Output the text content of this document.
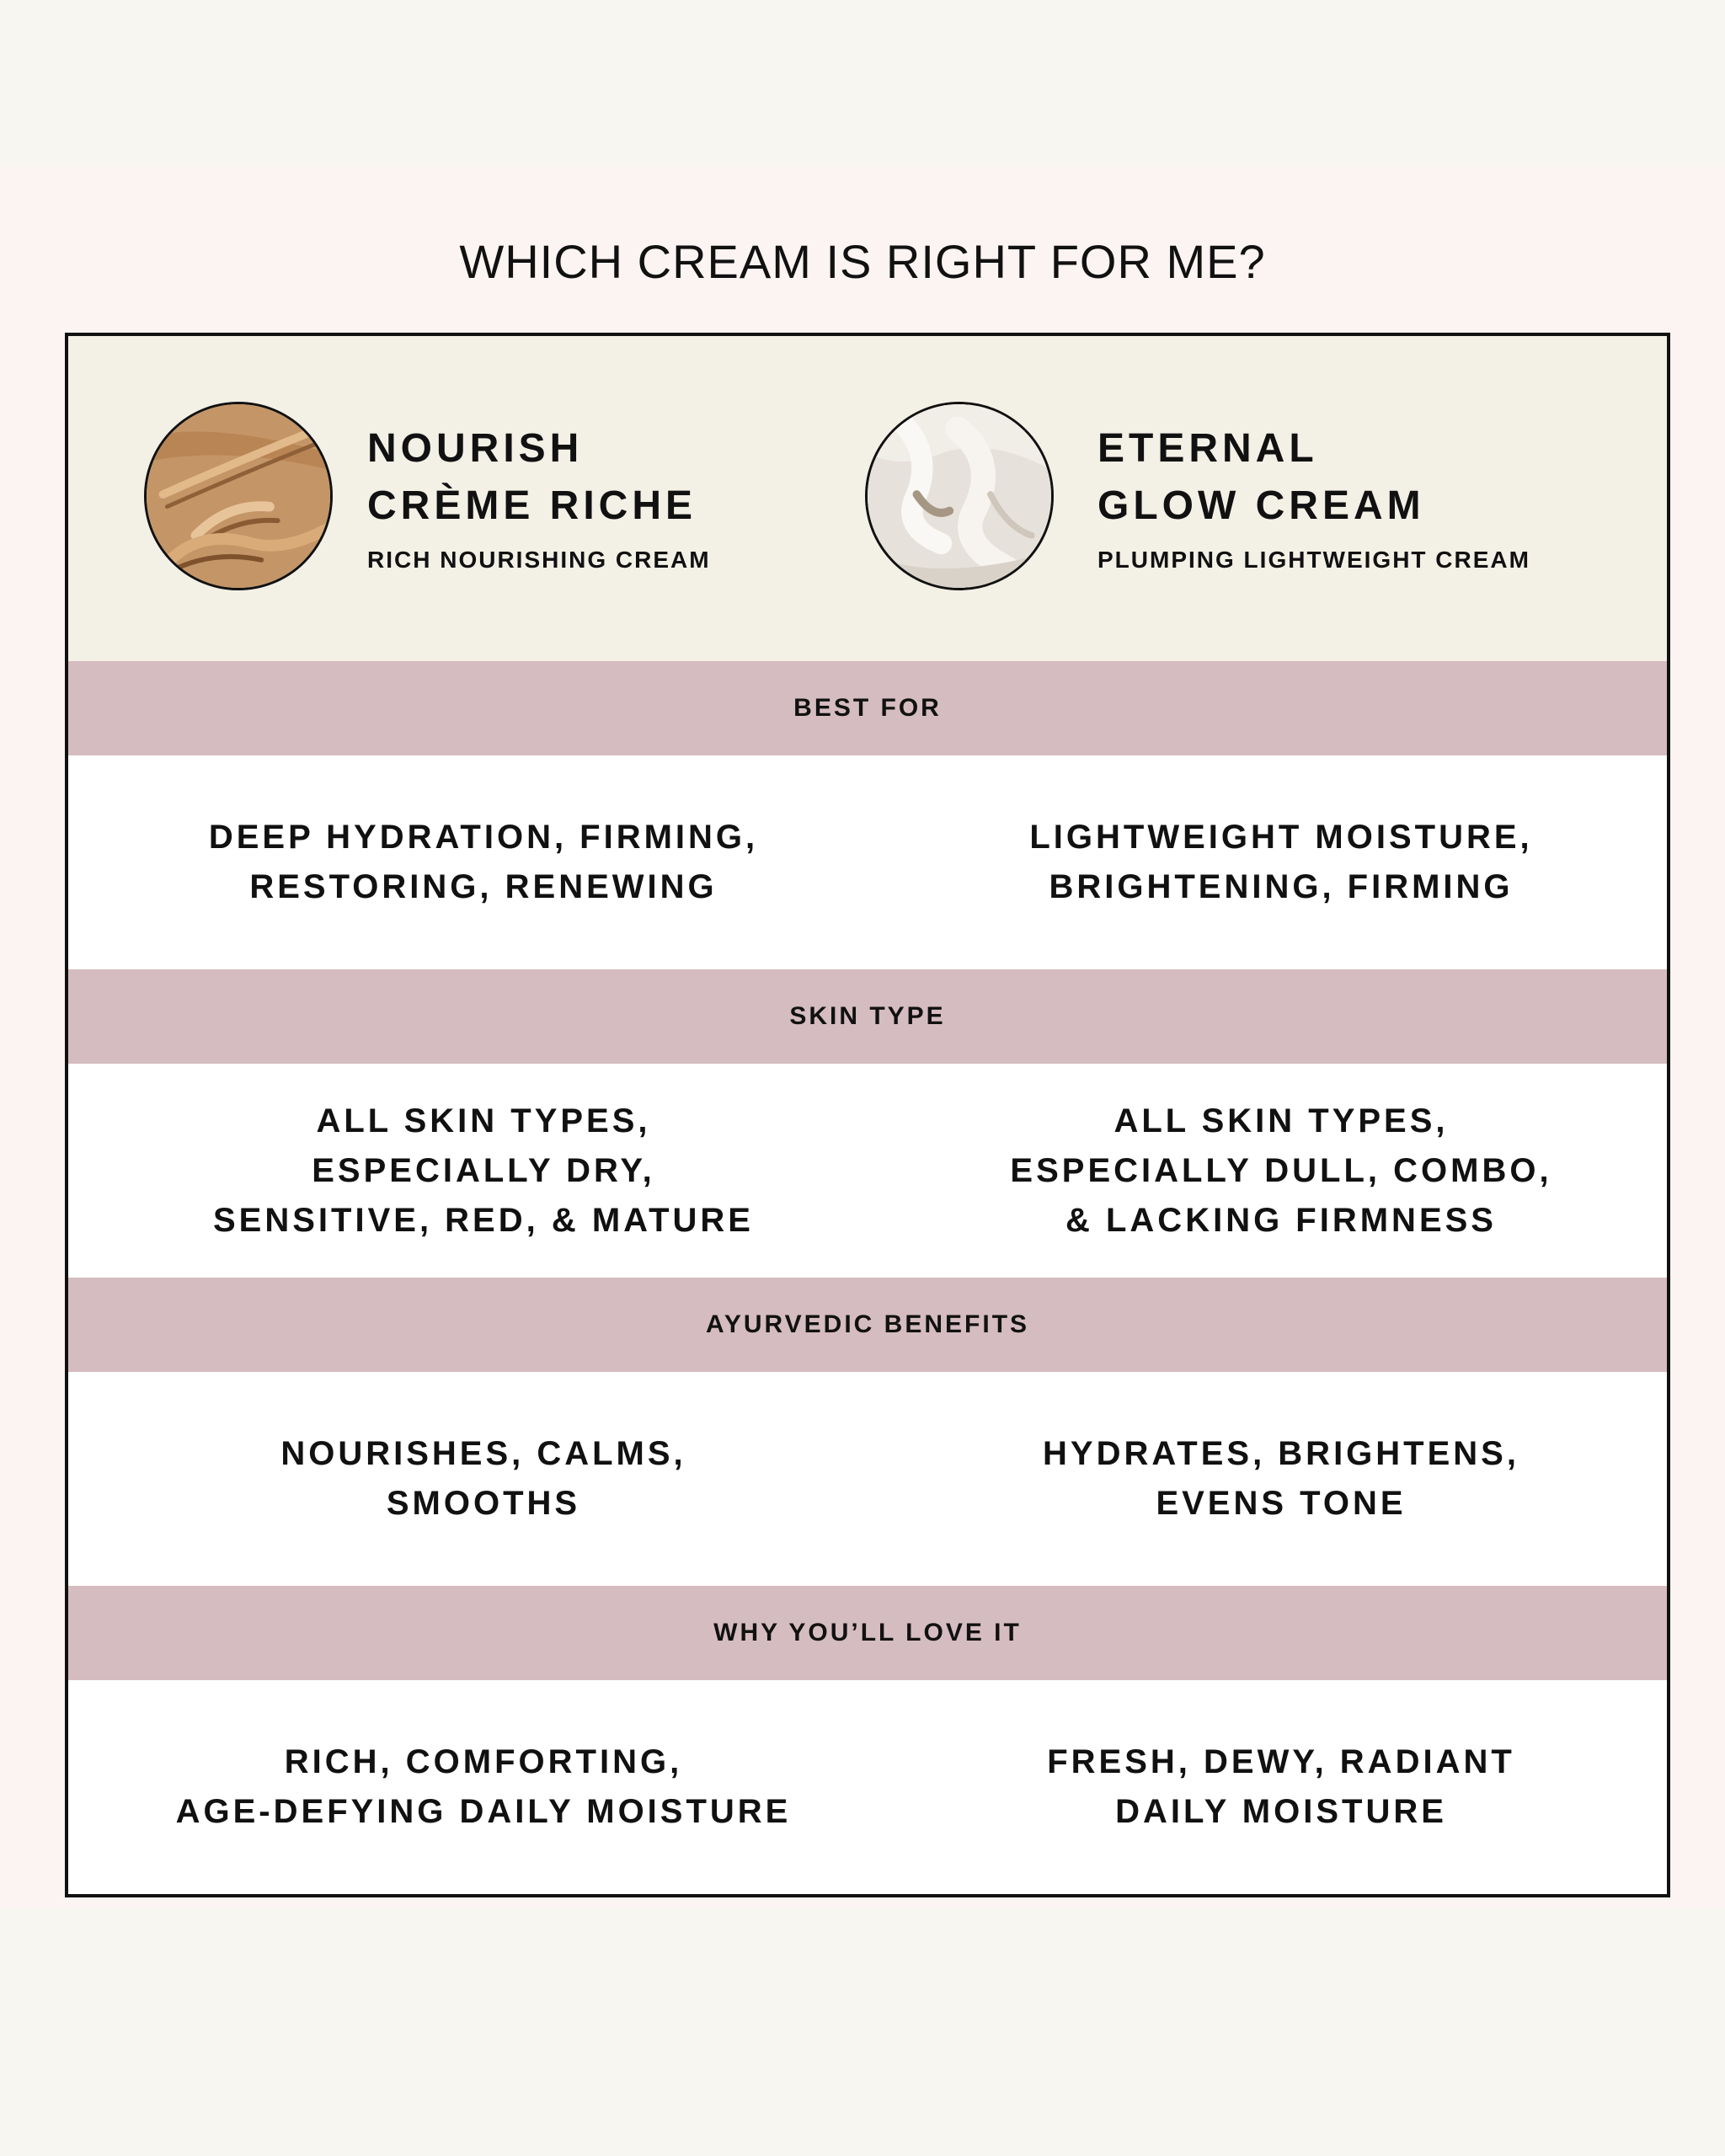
WHICH CREAM IS RIGHT FOR ME?
NOURISH
CRÈME RICHE
RICH NOURISHING CREAM
ETERNAL
GLOW CREAM
PLUMPING LIGHTWEIGHT CREAM
BEST FOR
DEEP HYDRATION, FIRMING,
RESTORING, RENEWING
LIGHTWEIGHT MOISTURE,
BRIGHTENING, FIRMING
SKIN TYPE
ALL SKIN TYPES,
ESPECIALLY DRY,
SENSITIVE, RED, & MATURE
ALL SKIN TYPES,
ESPECIALLY DULL, COMBO,
& LACKING FIRMNESS
AYURVEDIC BENEFITS
NOURISHES, CALMS,
SMOOTHS
HYDRATES, BRIGHTENS,
EVENS TONE
WHY YOU’LL LOVE IT
RICH, COMFORTING,
AGE-DEFYING DAILY MOISTURE
FRESH, DEWY, RADIANT
DAILY MOISTURE
